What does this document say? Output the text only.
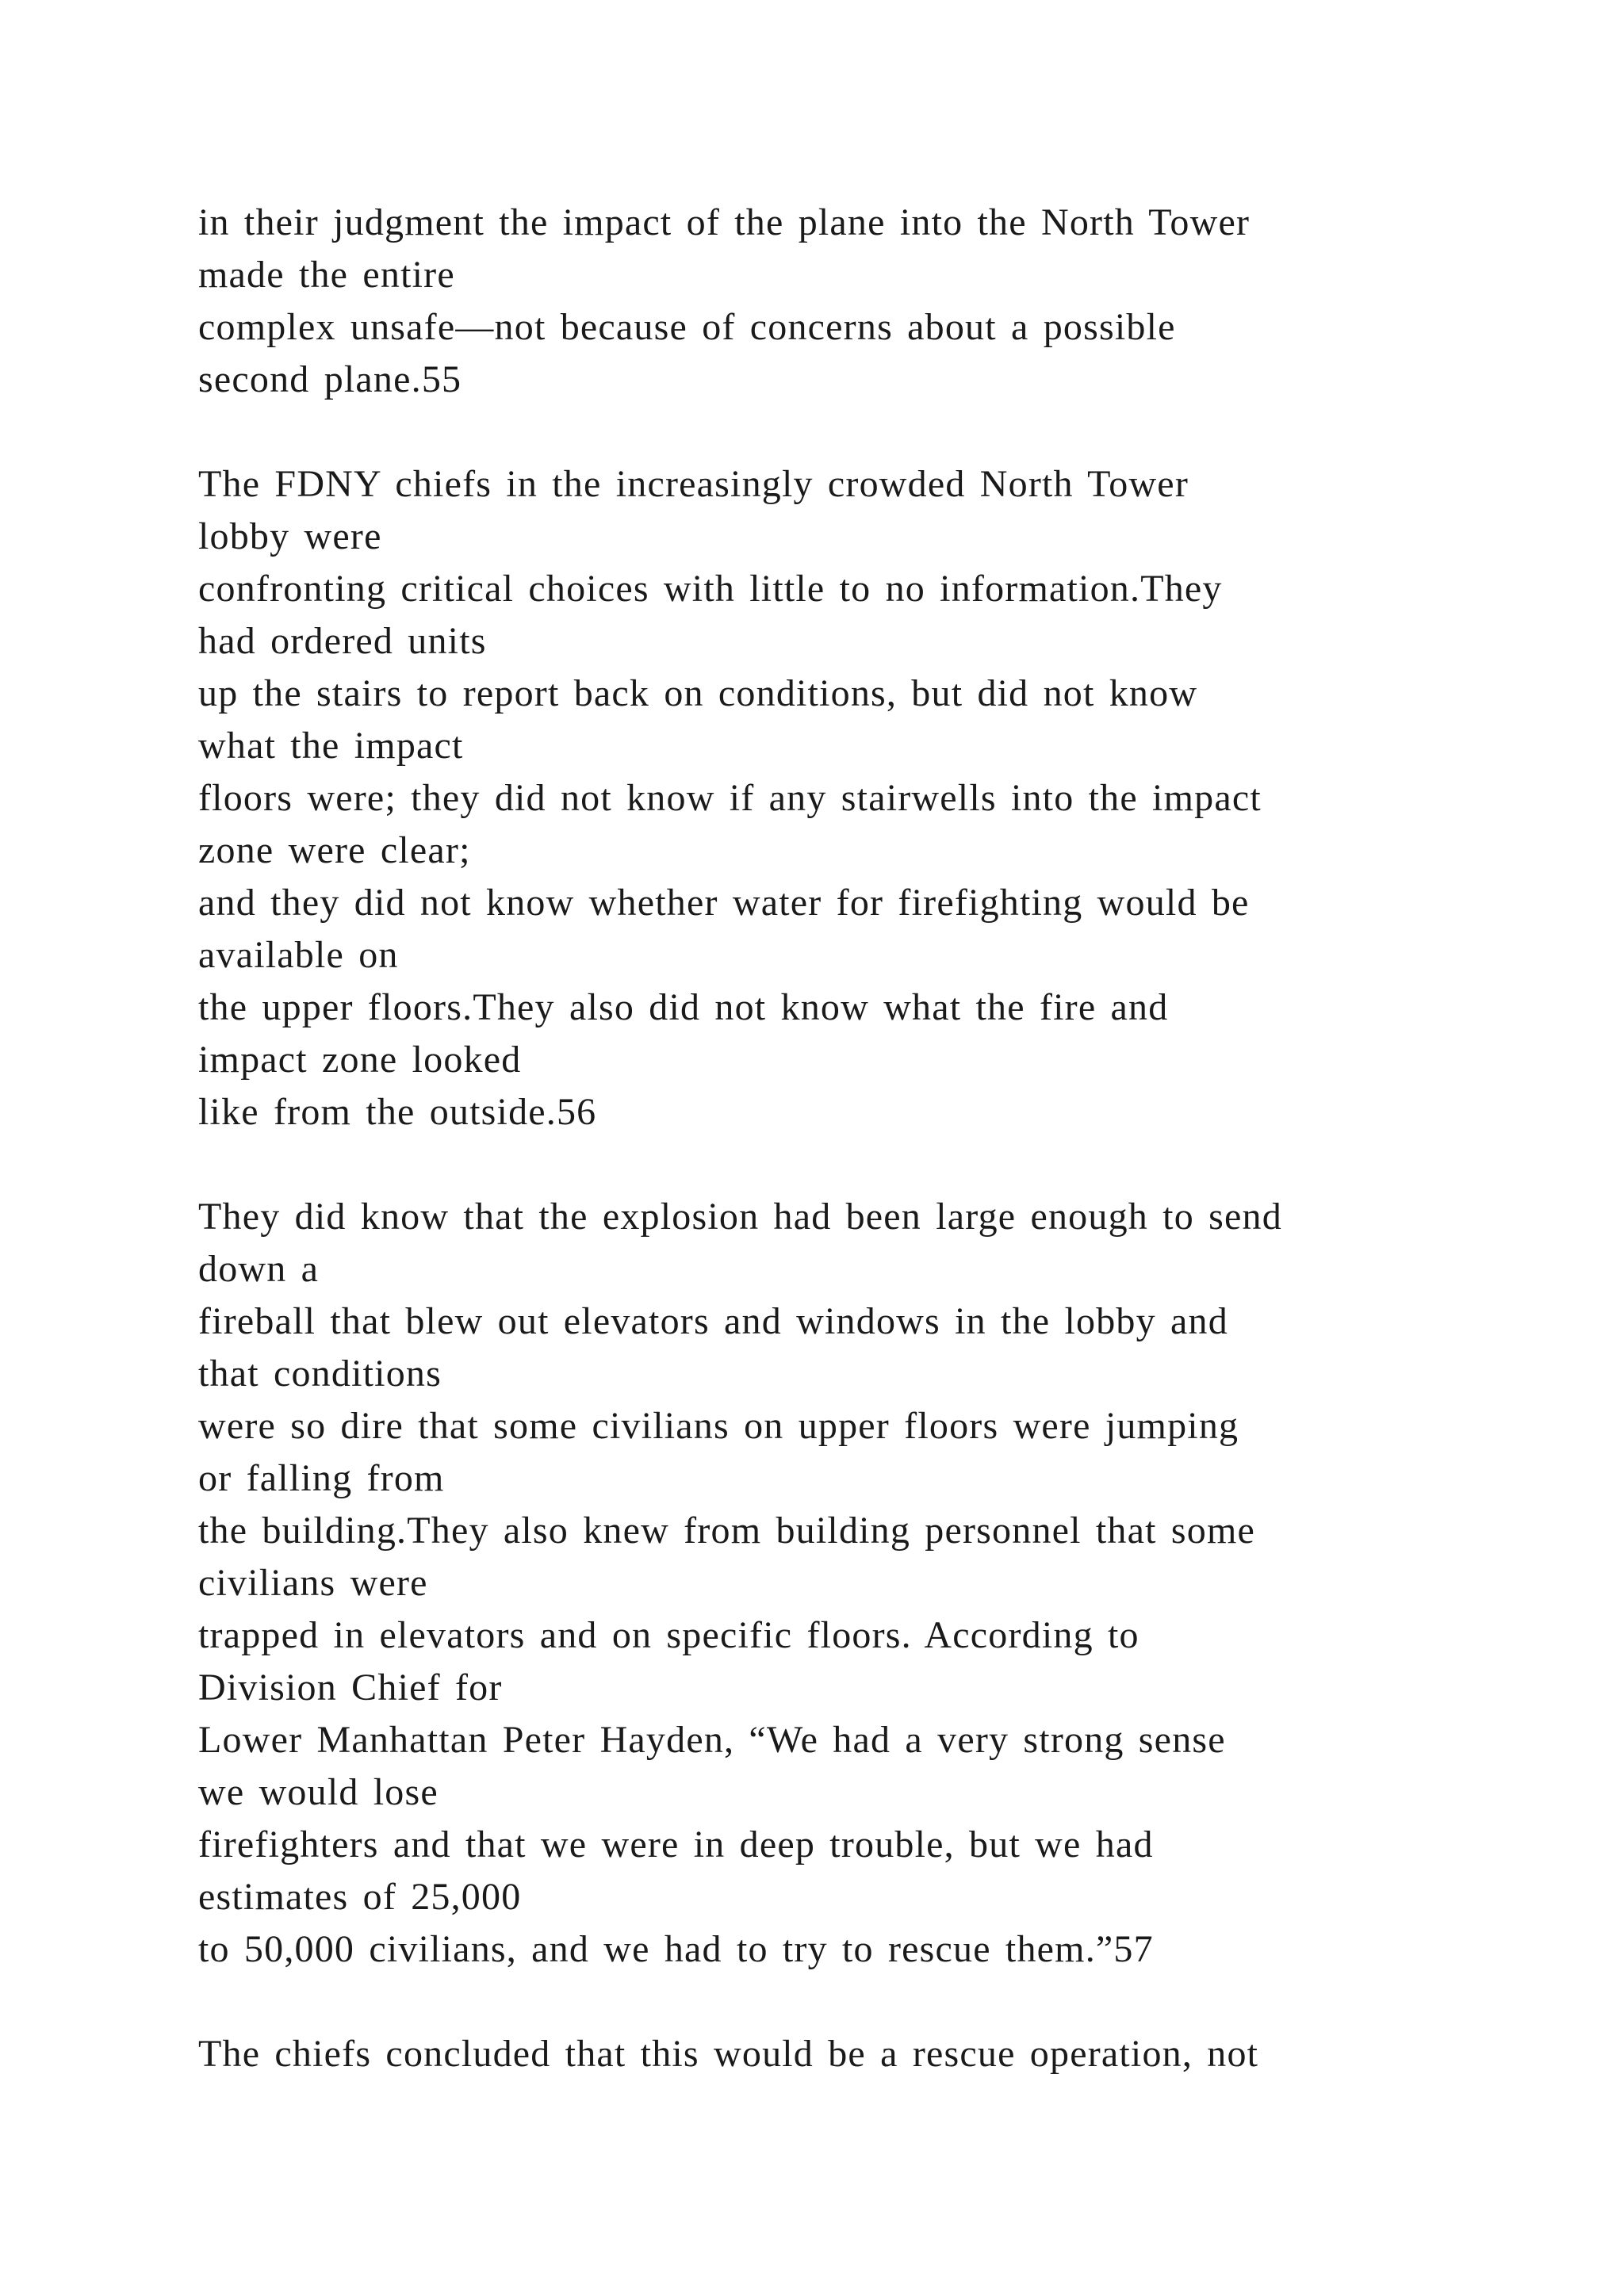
in their judgment the impact of the plane into the North Tower
made the entire
complex unsafe—not because of concerns about a possible
second plane.55

The FDNY chiefs in the increasingly crowded North Tower
lobby were
confronting critical choices with little to no information.They
had ordered units
up the stairs to report back on conditions, but did not know
what the impact
floors were; they did not know if any stairwells into the impact
zone were clear;
and they did not know whether water for firefighting would be
available on
the upper floors.They also did not know what the fire and
impact zone looked
like from the outside.56

They did know that the explosion had been large enough to send
down a
fireball that blew out elevators and windows in the lobby and
that conditions
were so dire that some civilians on upper floors were jumping
or falling from
the building.They also knew from building personnel that some
civilians were
trapped in elevators and on specific floors. According to
Division Chief for
Lower Manhattan Peter Hayden, “We had a very strong sense
we would lose
firefighters and that we were in deep trouble, but we had
estimates of 25,000
to 50,000 civilians, and we had to try to rescue them.”57

The chiefs concluded that this would be a rescue operation, not
